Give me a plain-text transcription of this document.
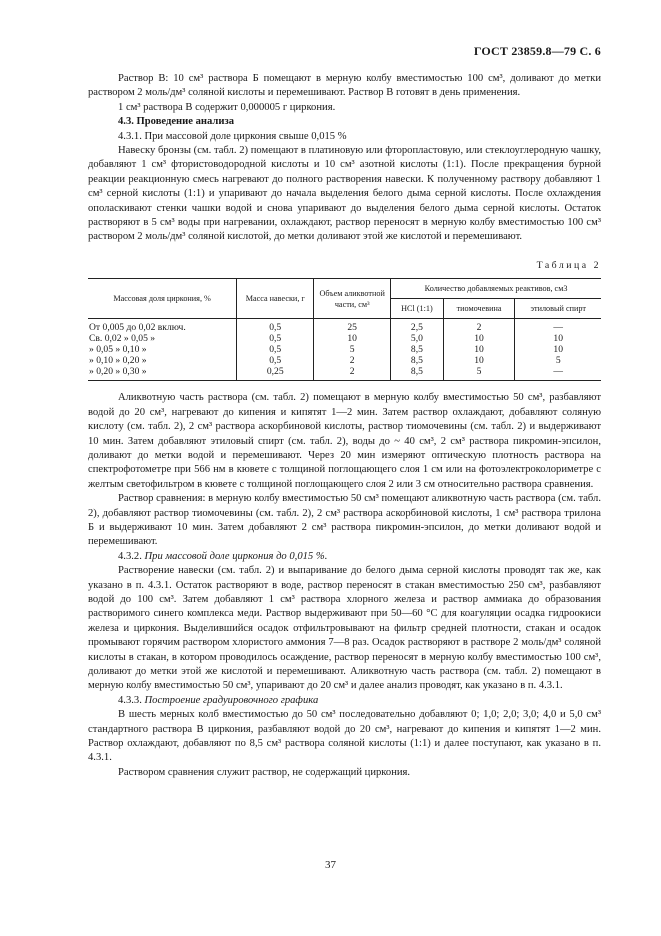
ГОСТ 23859.8—79 С. 6

Раствор В: 10 см³ раствора Б помещают в мерную колбу вместимостью 100 см³, доливают до метки раствором 2 моль/дм³ соляной кислоты и перемешивают. Раствор В готовят в день применения.

1 см³ раствора В содержит 0,000005 г циркония.

4.3. Проведение анализа

4.3.1. При массовой доле циркония свыше 0,015 %

Навеску бронзы (см. табл. 2) помещают в платиновую или фторопластовую, или стеклоуглеродную чашку, добавляют 1 см³ фтористоводородной кислоты и 10 см³ азотной кислоты (1:1). После прекращения бурной реакции реакционную смесь нагревают до полного растворения навески. К полученному раствору добавляют 1 см³ серной кислоты (1:1) и упаривают до начала выделения белого дыма серной кислоты. После охлаждения ополаскивают стенки чашки водой и снова упаривают до выделения белого дыма серной кислоты. Остаток растворяют в 5 см³ воды при нагревании, охлаждают, раствор переносят в мерную колбу вместимостью 100 см³ раствором 2 моль/дм³ соляной кислотой, до метки доливают этой же кислотой и перемешивают.

Таблица 2
Массовая доля циркония, %	Масса навески, г	Объем аликвотной части, см³	Количество добавляемых реактивов, см3		
			HCl (1:1)	тиомочевина	этиловый спирт
От 0,005 до 0,02 включ.	0,5	25	2,5	2	—
Св. 0,02 » 0,05 »	0,5	10	5,0	10	10
» 0,05 » 0,10 »	0,5	5	8,5	10	10
» 0,10 » 0,20 »	0,5	2	8,5	10	5
» 0,20 » 0,30 »	0,25	2	8,5	5	—

Аликвотную часть раствора (см. табл. 2) помещают в мерную колбу вместимостью 50 см³, разбавляют водой до 20 см³, нагревают до кипения и кипятят 1—2 мин. Затем раствор охлаждают, добавляют соляную кислоту (см. табл. 2), 2 см³ раствора аскорбиновой кислоты, раствор тиомочевины (см. табл. 2) и выдерживают 10 мин. Затем добавляют этиловый спирт (см. табл. 2), воды до ~ 40 см³, 2 см³ раствора пикромин-эпсилон, доливают до метки водой и перемешивают. Через 20 мин измеряют оптическую плотность раствора на спектрофотометре при 566 нм в кювете с толщиной поглощающего слоя 1 см или на фотоэлектроколориметре с желтым светофильтром в кювете с толщиной поглощающего слоя 2 или 3 см относительно раствора сравнения.

Раствор сравнения: в мерную колбу вместимостью 50 см³ помещают аликвотную часть раствора (см. табл. 2), добавляют раствор тиомочевины (см. табл. 2), 2 см³ раствора аскорбиновой кислоты, 1 см³ раствора трилона Б и выдерживают 10 мин. Затем добавляют 2 см³ раствора пикромин-эпсилон, до метки доливают водой и перемешивают.

4.3.2. При массовой доле циркония до 0,015 %.

Растворение навески (см. табл. 2) и выпаривание до белого дыма серной кислоты проводят так же, как указано в п. 4.3.1. Остаток растворяют в воде, раствор переносят в стакан вместимостью 250 см³, разбавляют водой до 100 см³. Затем добавляют 1 см³ раствора хлорного железа и раствор аммиака до образования растворимого синего комплекса меди. Раствор выдерживают при 50—60 °С для коагуляции осадка гидроокиси железа и циркония. Выделившийся осадок отфильтровывают на фильтр средней плотности, стакан и осадок промывают горячим раствором хлористого аммония 7—8 раз. Осадок растворяют в растворе 2 моль/дм³ соляной кислоты в стакан, в котором проводилось осаждение, раствор переносят в мерную колбу вместимостью 100 см³, доливают до метки этой же кислотой и перемешивают. Аликвотную часть раствора (см. табл. 2) помещают в мерную колбу вместимостью 50 см³, упаривают до 20 см³ и далее анализ проводят, как указано в п. 4.3.1.

4.3.3. Построение градуировочного графика

В шесть мерных колб вместимостью до 50 см³ последовательно добавляют 0; 1,0; 2,0; 3,0; 4,0 и 5,0 см³ стандартного раствора В циркония, разбавляют водой до 20 см³, нагревают до кипения и кипятят 1—2 мин. Раствор охлаждают, добавляют по 8,5 см³ раствора соляной кислоты (1:1) и далее поступают, как указано в п. 4.3.1.

Раствором сравнения служит раствор, не содержащий циркония.

37
